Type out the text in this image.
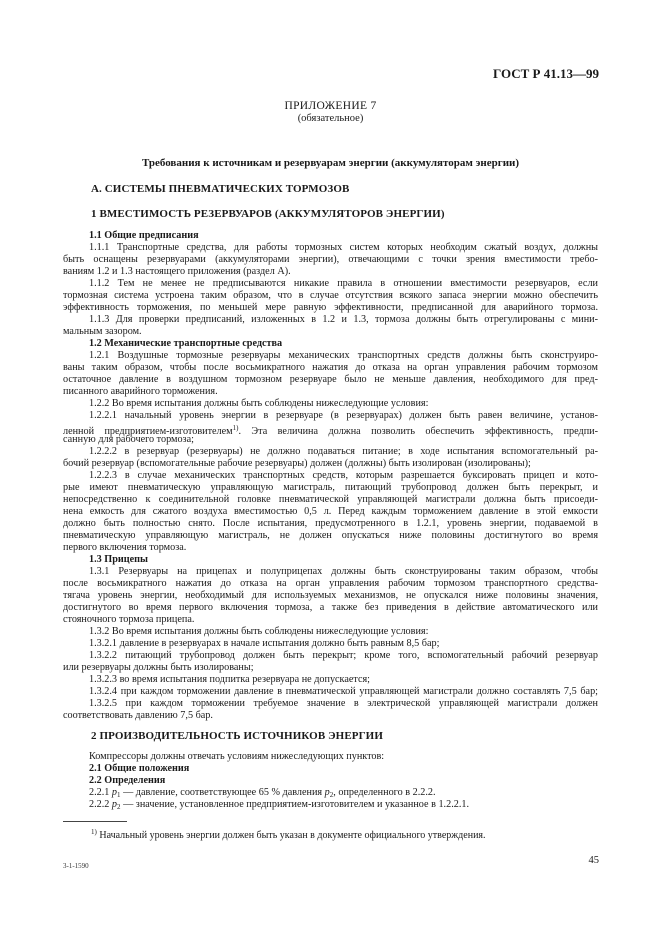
ГОСТ Р 41.13—99
ПРИЛОЖЕНИЕ 7
(обязательное)
Требования к источникам и резервуарам энергии (аккумуляторам энергии)
А. СИСТЕМЫ ПНЕВМАТИЧЕСКИХ ТОРМОЗОВ
1 ВМЕСТИМОСТЬ РЕЗЕРВУАРОВ (АККУМУЛЯТОРОВ ЭНЕРГИИ)
1.1 Общие предписания
1.1.1 Транспортные средства, для работы тормозных систем которых необходим сжатый воздух, должны
быть оснащены резервуарами (аккумуляторами энергии), отвечающими с точки зрения вместимости требо-
ваниям 1.2 и 1.3 настоящего приложения (раздел А).
1.1.2 Тем не менее не предписываются никакие правила в отношении вместимости резервуаров, если
тормозная система устроена таким образом, что в случае отсутствия всякого запаса энергии можно обеспечить
эффективность торможения, по меньшей мере равную эффективности, предписанной для аварийного тормоза.
1.1.3 Для проверки предписаний, изложенных в 1.2 и 1.3, тормоза должны быть отрегулированы с мини-
мальным зазором.
1.2 Механические транспортные средства
1.2.1 Воздушные тормозные резервуары механических транспортных средств должны быть сконструиро-
ваны таким образом, чтобы после восьмикратного нажатия до отказа на орган управления рабочим тормозом
остаточное давление в воздушном тормозном резервуаре было не меньше давления, необходимого для пред-
писанного аварийного торможения.
1.2.2 Во время испытания должны быть соблюдены нижеследующие условия:
1.2.2.1 начальный уровень энергии в резервуаре (в резервуарах) должен быть равен величине, установ-
ленной предприятием-изготовителем$^{1)}$. Эта величина должна позволить обеспечить эффективность, предпи-
санную для рабочего тормоза;
1.2.2.2 в резервуар (резервуары) не должно подаваться питание; в ходе испытания вспомогательный ра-
бочий резервуар (вспомогательные рабочие резервуары) должен (должны) быть изолирован (изолированы);
1.2.2.3 в случае механических транспортных средств, которым разрешается буксировать прицеп и кото-
рые имеют пневматическую управляющую магистраль, питающий трубопровод должен быть перекрыт, и
непосредственно к соединительной головке пневматической управляющей магистрали должна быть присоеди-
нена емкость для сжатого воздуха вместимостью 0,5 л. Перед каждым торможением давление в этой емкости
должно быть полностью снято. После испытания, предусмотренного в 1.2.1, уровень энергии, подаваемой в
пневматическую управляющую магистраль, не должен опускаться ниже половины достигнутого во время
первого включения тормоза.
1.3 Прицепы
1.3.1 Резервуары на прицепах и полуприцепах должны быть сконструированы таким образом, чтобы
после восьмикратного нажатия до отказа на орган управления рабочим тормозом транспортного средства-
тягача уровень энергии, необходимый для используемых механизмов, не опускался ниже половины значения,
достигнутого во время первого включения тормоза, а также без приведения в действие автоматического или
стояночного тормоза прицепа.
1.3.2 Во время испытания должны быть соблюдены нижеследующие условия:
1.3.2.1 давление в резервуарах в начале испытания должно быть равным 8,5 бар;
1.3.2.2 питающий трубопровод должен быть перекрыт; кроме того, вспомогательный рабочий резервуар
или резервуары должны быть изолированы;
1.3.2.3 во время испытания подпитка резервуара не допускается;
1.3.2.4 при каждом торможении давление в пневматической управляющей магистрали должно составлять 7,5 бар;
1.3.2.5 при каждом торможении требуемое значение в электрической управляющей магистрали должен
соответствовать давлению 7,5 бар.
2 ПРОИЗВОДИТЕЛЬНОСТЬ ИСТОЧНИКОВ ЭНЕРГИИ
Компрессоры должны отвечать условиям нижеследующих пунктов:
2.1 Общие положения
2.2 Определения
2.2.1 $p_1$ — давление, соответствующее 65 % давления $p_2$, определенного в 2.2.2.
2.2.2 $p_2$ — значение, установленное предприятием-изготовителем и указанное в 1.2.2.1.
$^{1)}$ Начальный уровень энергии должен быть указан в документе официального утверждения.
3-1-1590	45
